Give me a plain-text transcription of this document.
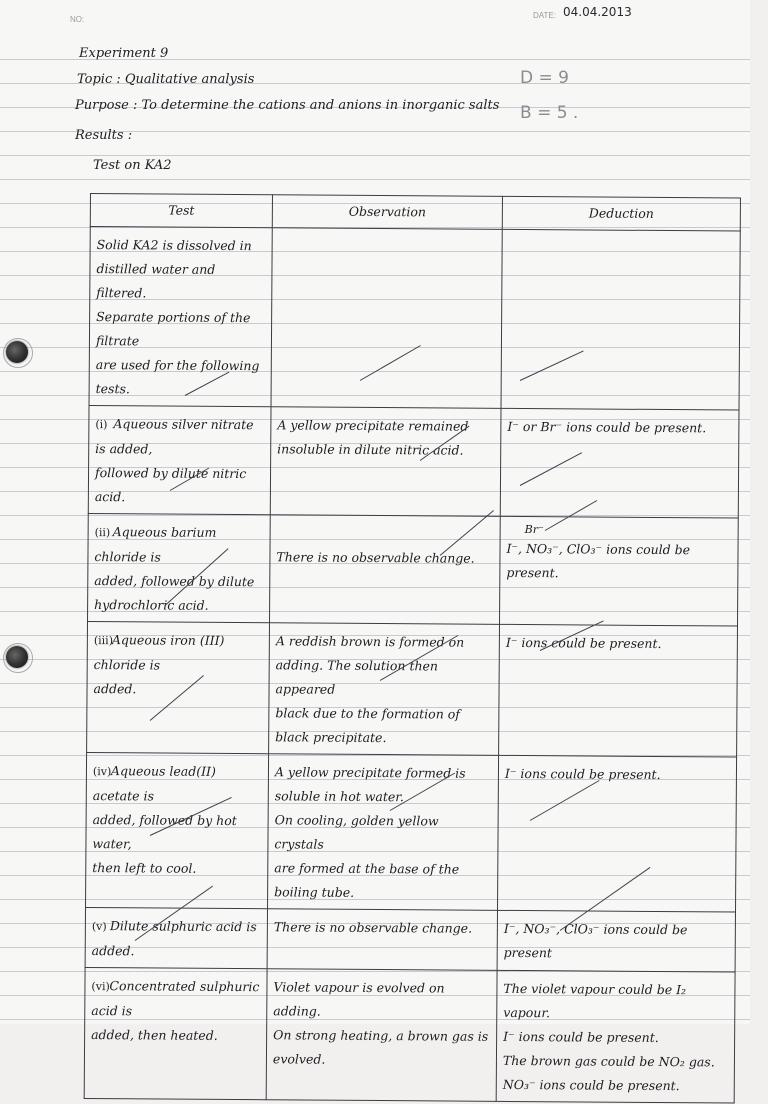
NO:	DATE: 04.04.2013
Experiment 9
Topic : Qualitative analysis
Purpose : To determine the cations and anions in inorganic salts
Results :
Test on KA2
D = 9
B = 5 .
Test	Observation	Deduction

Solid KA2 is dissolved in
distilled water and filtered.
Separate portions of the filtrate
are used for the following tests.		

(i) Aqueous silver nitrate is added,
followed by dilute nitric acid.	A yellow precipitate remained
insoluble in dilute nitric acid.	I⁻ or Br⁻ ions could be present.

(ii) Aqueous barium chloride is
added, followed by dilute
hydrochloric acid.	There is no observable change.	Br⁻
I⁻, NO₃⁻, ClO₃⁻ ions could be
present.

(iii)Aqueous iron (III) chloride is
added.	A reddish brown is formed on
adding. The solution then appeared
black due to the formation of
black precipitate.	I⁻ ions could be present.

(iv)Aqueous lead(II) acetate is
added, followed by hot water,
then left to cool.	A yellow precipitate formed is
soluble in hot water.
On cooling, golden yellow crystals
are formed at the base of the
boiling tube.	I⁻ ions could be present.

(v) Dilute sulphuric acid is added.	There is no observable change.	I⁻, NO₃⁻, ClO₃⁻ ions could be
present

(vi)Concentrated sulphuric acid is
added, then heated.	Violet vapour is evolved on adding.
On strong heating, a brown gas is
evolved.	The violet vapour could be I₂ vapour.
I⁻ ions could be present.
The brown gas could be NO₂ gas.
NO₃⁻ ions could be present.
